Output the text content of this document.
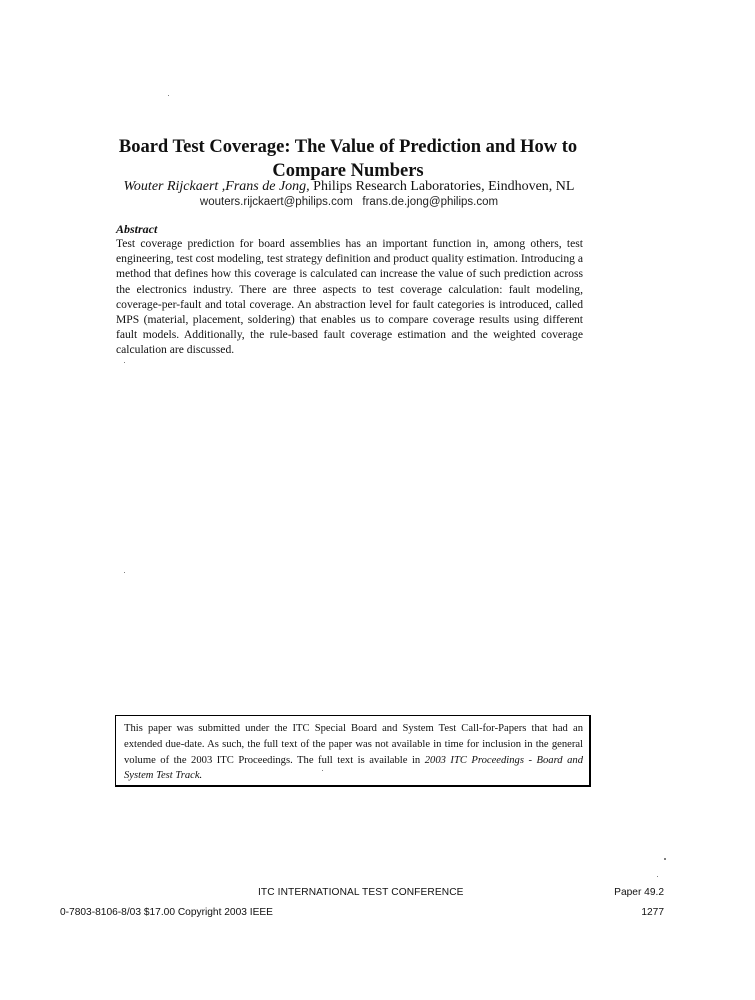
Board Test Coverage: The Value of Prediction and How to Compare Numbers
Wouter Rijckaert ,Frans de Jong, Philips Research Laboratories, Eindhoven, NL
wouters.rijckaert@philips.com   frans.de.jong@philips.com
Abstract

Test coverage prediction for board assemblies has an important function in, among others, test engineering, test cost modeling, test strategy definition and product quality estimation. Introducing a method that defines how this coverage is calculated can increase the value of such prediction across the electronics industry. There are three aspects to test coverage calculation: fault modeling, coverage-per-fault and total coverage. An abstraction level for fault categories is introduced, called MPS (material, placement, soldering) that enables us to compare coverage results using different fault models. Additionally, the rule-based fault coverage estimation and the weighted coverage calculation are discussed.

This paper was submitted under the ITC Special Board and System Test Call-for-Papers that had an extended due-date. As such, the full text of the paper was not available in time for inclusion in the general volume of the 2003 ITC Proceedings. The full text is available in 2003 ITC Proceedings - Board and System Test Track.
ITC INTERNATIONAL TEST CONFERENCE	Paper 49.2
0-7803-8106-8/03 $17.00 Copyright 2003 IEEE	1277
